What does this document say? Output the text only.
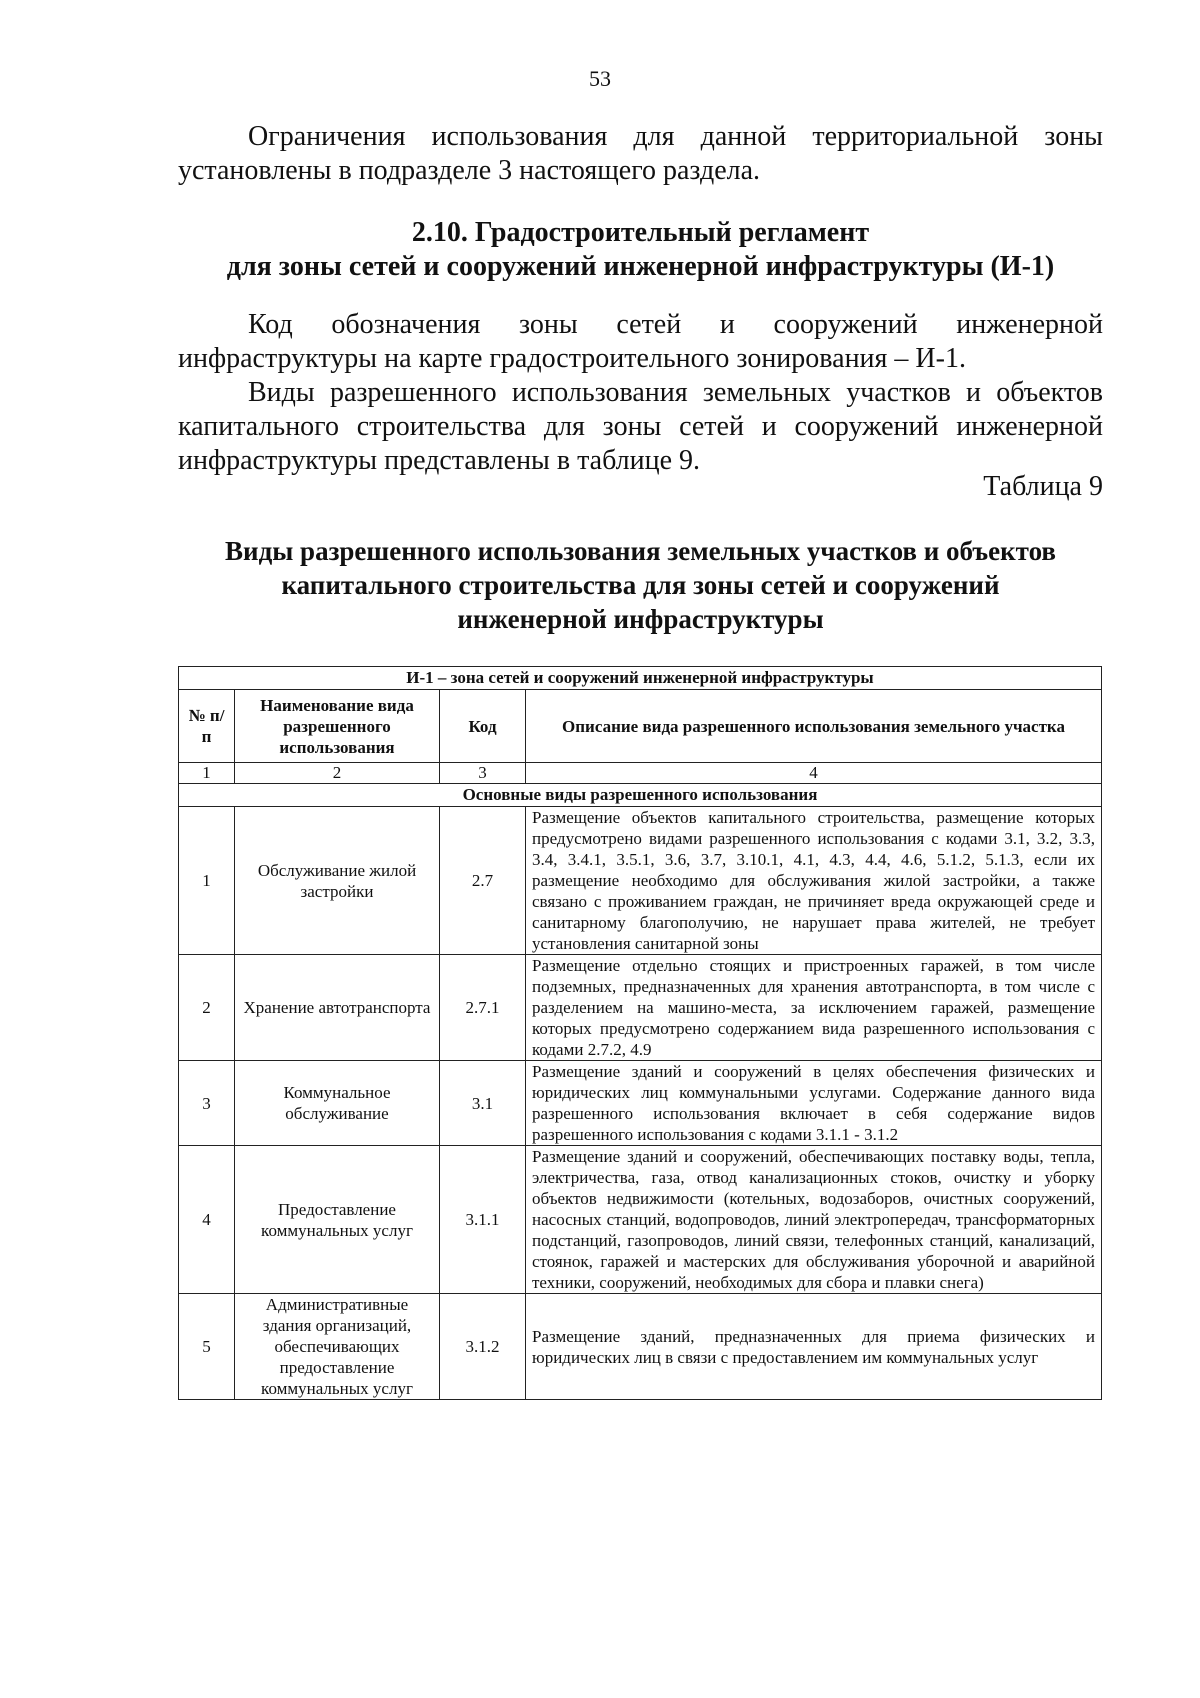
53
Ограничения использования для данной территориальной зоны установлены в подразделе 3 настоящего раздела.
2.10. Градостроительный регламент
для зоны сетей и сооружений инженерной инфраструктуры (И-1)
Код обозначения зоны сетей и сооружений инженерной инфраструктуры на карте градостроительного зонирования – И-1.
Виды разрешенного использования земельных участков и объектов капитального строительства для зоны сетей и сооружений инженерной инфраструктуры представлены в таблице 9.
Таблица 9
Виды разрешенного использования земельных участков и объектов
капитального строительства для зоны сетей и сооружений
инженерной инфраструктуры
И-1 – зона сетей и сооружений инженерной инфраструктуры			
№ п/п	Наименование вида разрешенного использования	Код	Описание вида разрешенного использования земельного участка
1	2	3	4
Основные виды разрешенного использования			
1	Обслуживание жилой застройки	2.7	Размещение объектов капитального строительства, размещение которых предусмотрено видами разрешенного использования с кодами 3.1, 3.2, 3.3, 3.4, 3.4.1, 3.5.1, 3.6, 3.7, 3.10.1, 4.1, 4.3, 4.4, 4.6, 5.1.2, 5.1.3, если их размещение необходимо для обслуживания жилой застройки, а также связано с проживанием граждан, не причиняет вреда окружающей среде и санитарному благополучию, не нарушает права жителей, не требует установления санитарной зоны
2	Хранение автотранспорта	2.7.1	Размещение отдельно стоящих и пристроенных гаражей, в том числе подземных, предназначенных для хранения автотранспорта, в том числе с разделением на машино-места, за исключением гаражей, размещение которых предусмотрено содержанием вида разрешенного использования с кодами 2.7.2, 4.9
3	Коммунальное обслуживание	3.1	Размещение зданий и сооружений в целях обеспечения физических и юридических лиц коммунальными услугами. Содержание данного вида разрешенного использования включает в себя содержание видов разрешенного использования с кодами 3.1.1 - 3.1.2
4	Предоставление коммунальных услуг	3.1.1	Размещение зданий и сооружений, обеспечивающих поставку воды, тепла, электричества, газа, отвод канализационных стоков, очистку и уборку объектов недвижимости (котельных, водозаборов, очистных сооружений, насосных станций, водопроводов, линий электропередач, трансформаторных подстанций, газопроводов, линий связи, телефонных станций, канализаций, стоянок, гаражей и мастерских для обслуживания уборочной и аварийной техники, сооружений, необходимых для сбора и плавки снега)
5	Административные здания организаций, обеспечивающих предоставление коммунальных услуг	3.1.2	Размещение зданий, предназначенных для приема физических и юридических лиц в связи с предоставлением им коммунальных услуг
